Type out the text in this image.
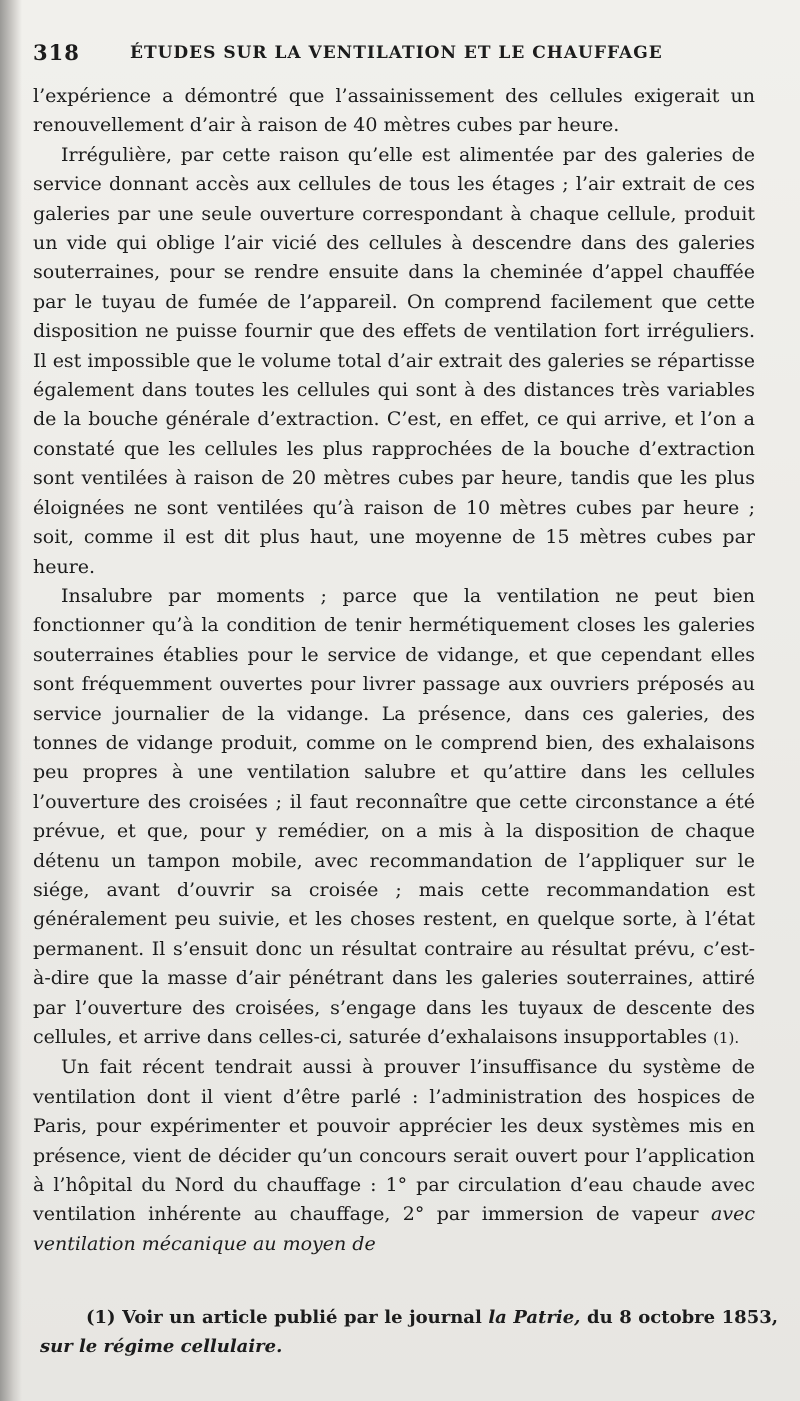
318	ÉTUDES SUR LA VENTILATION ET LE CHAUFFAGE

l’expérience a démontré que l’assainissement des cellules exigerait un renouvellement d’air à raison de 40 mètres cubes par heure.

Irrégulière, par cette raison qu’elle est alimentée par des galeries de service donnant accès aux cellules de tous les étages ; l’air extrait de ces galeries par une seule ouverture correspondant à chaque cellule, produit un vide qui oblige l’air vicié des cellules à descendre dans des galeries souterraines, pour se rendre ensuite dans la cheminée d’appel chauffée par le tuyau de fumée de l’appareil. On comprend facilement que cette disposition ne puisse fournir que des effets de ventilation fort irréguliers. Il est impossible que le volume total d’air extrait des galeries se répartisse également dans toutes les cellules qui sont à des distances très variables de la bouche générale d’extraction. C’est, en effet, ce qui arrive, et l’on a constaté que les cellules les plus rapprochées de la bouche d’extraction sont ventilées à raison de 20 mètres cubes par heure, tandis que les plus éloignées ne sont ventilées qu’à raison de 10 mètres cubes par heure ; soit, comme il est dit plus haut, une moyenne de 15 mètres cubes par heure.

Insalubre par moments ; parce que la ventilation ne peut bien fonctionner qu’à la condition de tenir hermétiquement closes les galeries souterraines établies pour le service de vidange, et que cependant elles sont fréquemment ouvertes pour livrer passage aux ouvriers préposés au service journalier de la vidange. La présence, dans ces galeries, des tonnes de vidange produit, comme on le comprend bien, des exhalaisons peu propres à une ventilation salubre et qu’attire dans les cellules l’ouverture des croisées ; il faut reconnaître que cette circonstance a été prévue, et que, pour y remédier, on a mis à la disposition de chaque détenu un tampon mobile, avec recommandation de l’appliquer sur le siége, avant d’ouvrir sa croisée ; mais cette recommandation est généralement peu suivie, et les choses restent, en quelque sorte, à l’état permanent. Il s’ensuit donc un résultat contraire au résultat prévu, c’est-à-dire que la masse d’air pénétrant dans les galeries souterraines, attiré par l’ouverture des croisées, s’engage dans les tuyaux de descente des cellules, et arrive dans celles-ci, saturée d’exhalaisons insupportables (1).

Un fait récent tendrait aussi à prouver l’insuffisance du système de ventilation dont il vient d’être parlé : l’administration des hospices de Paris, pour expérimenter et pouvoir apprécier les deux systèmes mis en présence, vient de décider qu’un concours serait ouvert pour l’application à l’hôpital du Nord du chauffage : 1° par circulation d’eau chaude avec ventilation inhérente au chauffage, 2° par immersion de vapeur avec ventilation mécanique au moyen de

(1) Voir un article publié par le journal la Patrie, du 8 octobre 1853, sur le régime cellulaire.
